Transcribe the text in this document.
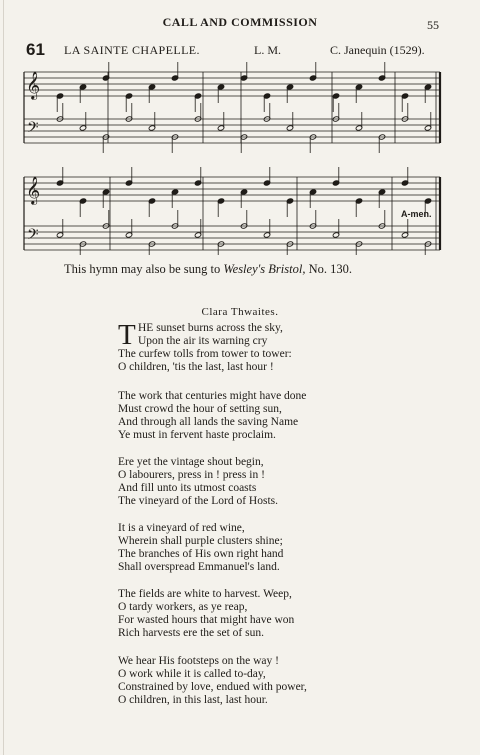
CALL AND COMMISSION	55
61 LA SAINTE CHAPELLE.	L. M.	C. Janequin (1529).
𝄞
𝄢
𝄞
𝄢
A-men.
This hymn may also be sung to Wesley's Bristol, No. 130.
Clara Thwaites.
T HE sunset burns across the sky,
Upon the air its warning cry
The curfew tolls from tower to tower:
O children, 'tis the last, last hour !
The work that centuries might have done
Must crowd the hour of setting sun,
And through all lands the saving Name
Ye must in fervent haste proclaim.
Ere yet the vintage shout begin,
O labourers, press in ! press in !
And fill unto its utmost coasts
The vineyard of the Lord of Hosts.
It is a vineyard of red wine,
Wherein shall purple clusters shine;
The branches of His own right hand
Shall overspread Emmanuel's land.
The fields are white to harvest. Weep,
O tardy workers, as ye reap,
For wasted hours that might have won
Rich harvests ere the set of sun.
We hear His footsteps on the way !
O work while it is called to-day,
Constrained by love, endued with power,
O children, in this last, last hour.
